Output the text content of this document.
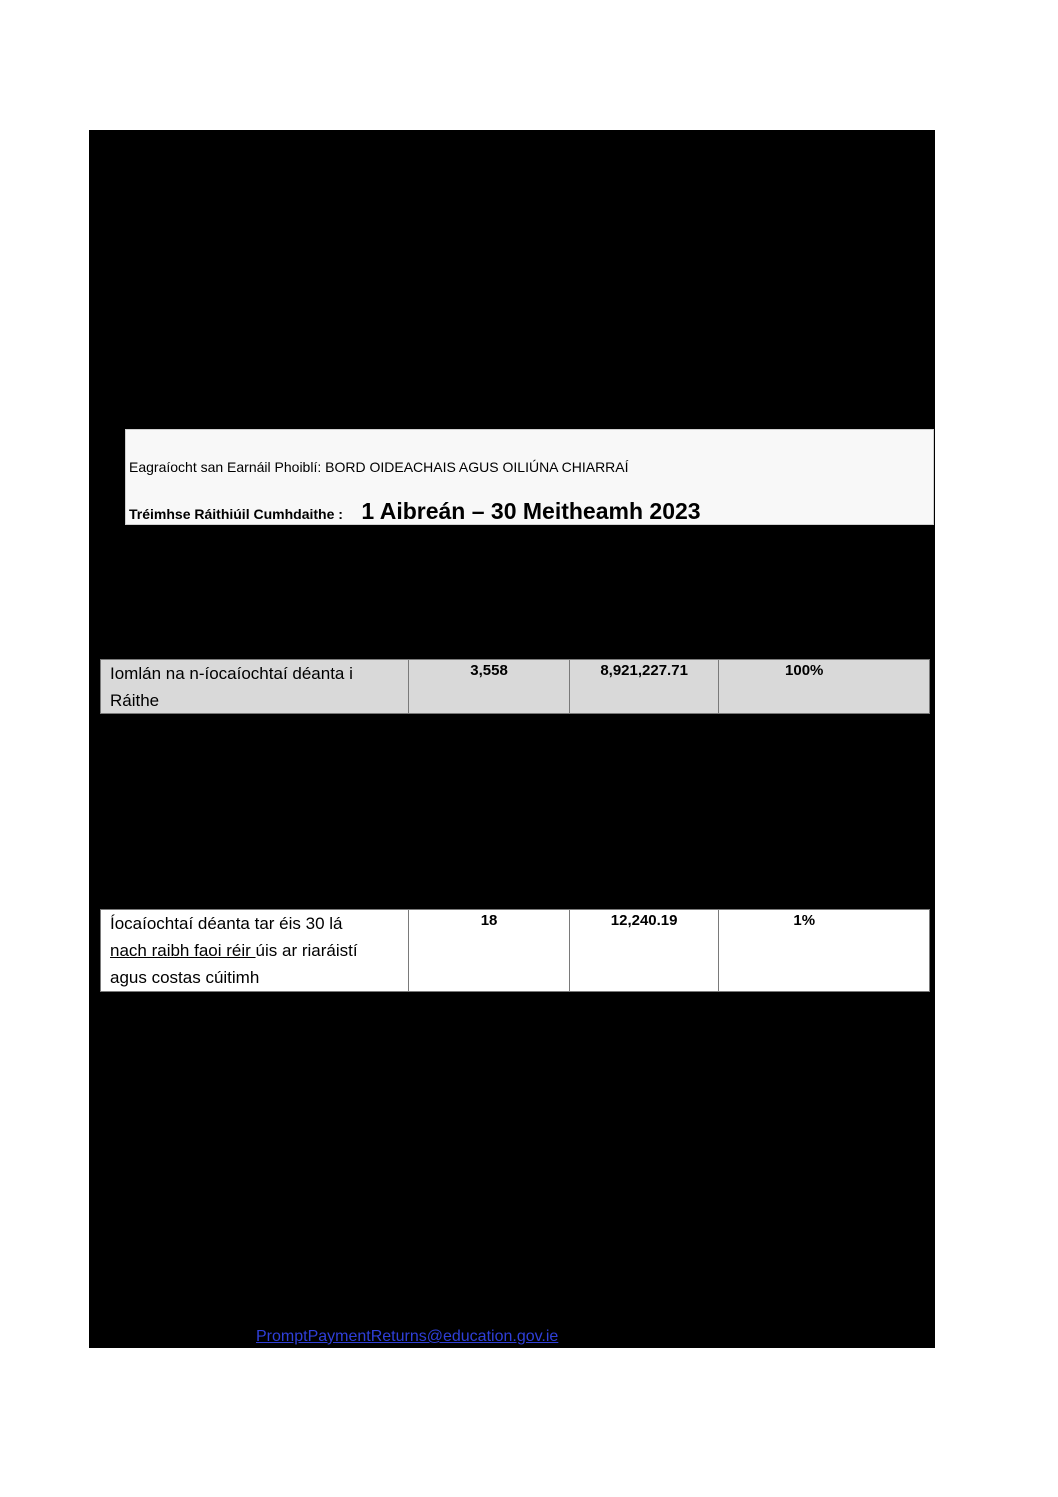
Eagraíocht san Earnáil Phoiblí: BORD OIDEACHAIS AGUS OILIÚNA CHIARRAÍ
Tréimhse Ráithiúil Cumhdaithe : 1 Aibreán – 30 Meitheamh 2023
Iomlán na n-íocaíochtaí déanta i
Ráithe
3,558	8,921,227.71	100%
Íocaíochtaí déanta tar éis 30 lá
nach raibh faoi réir úis ar riaráistí
agus costas cúitimh
18	12,240.19	1%
PromptPaymentReturns@education.gov.ie
